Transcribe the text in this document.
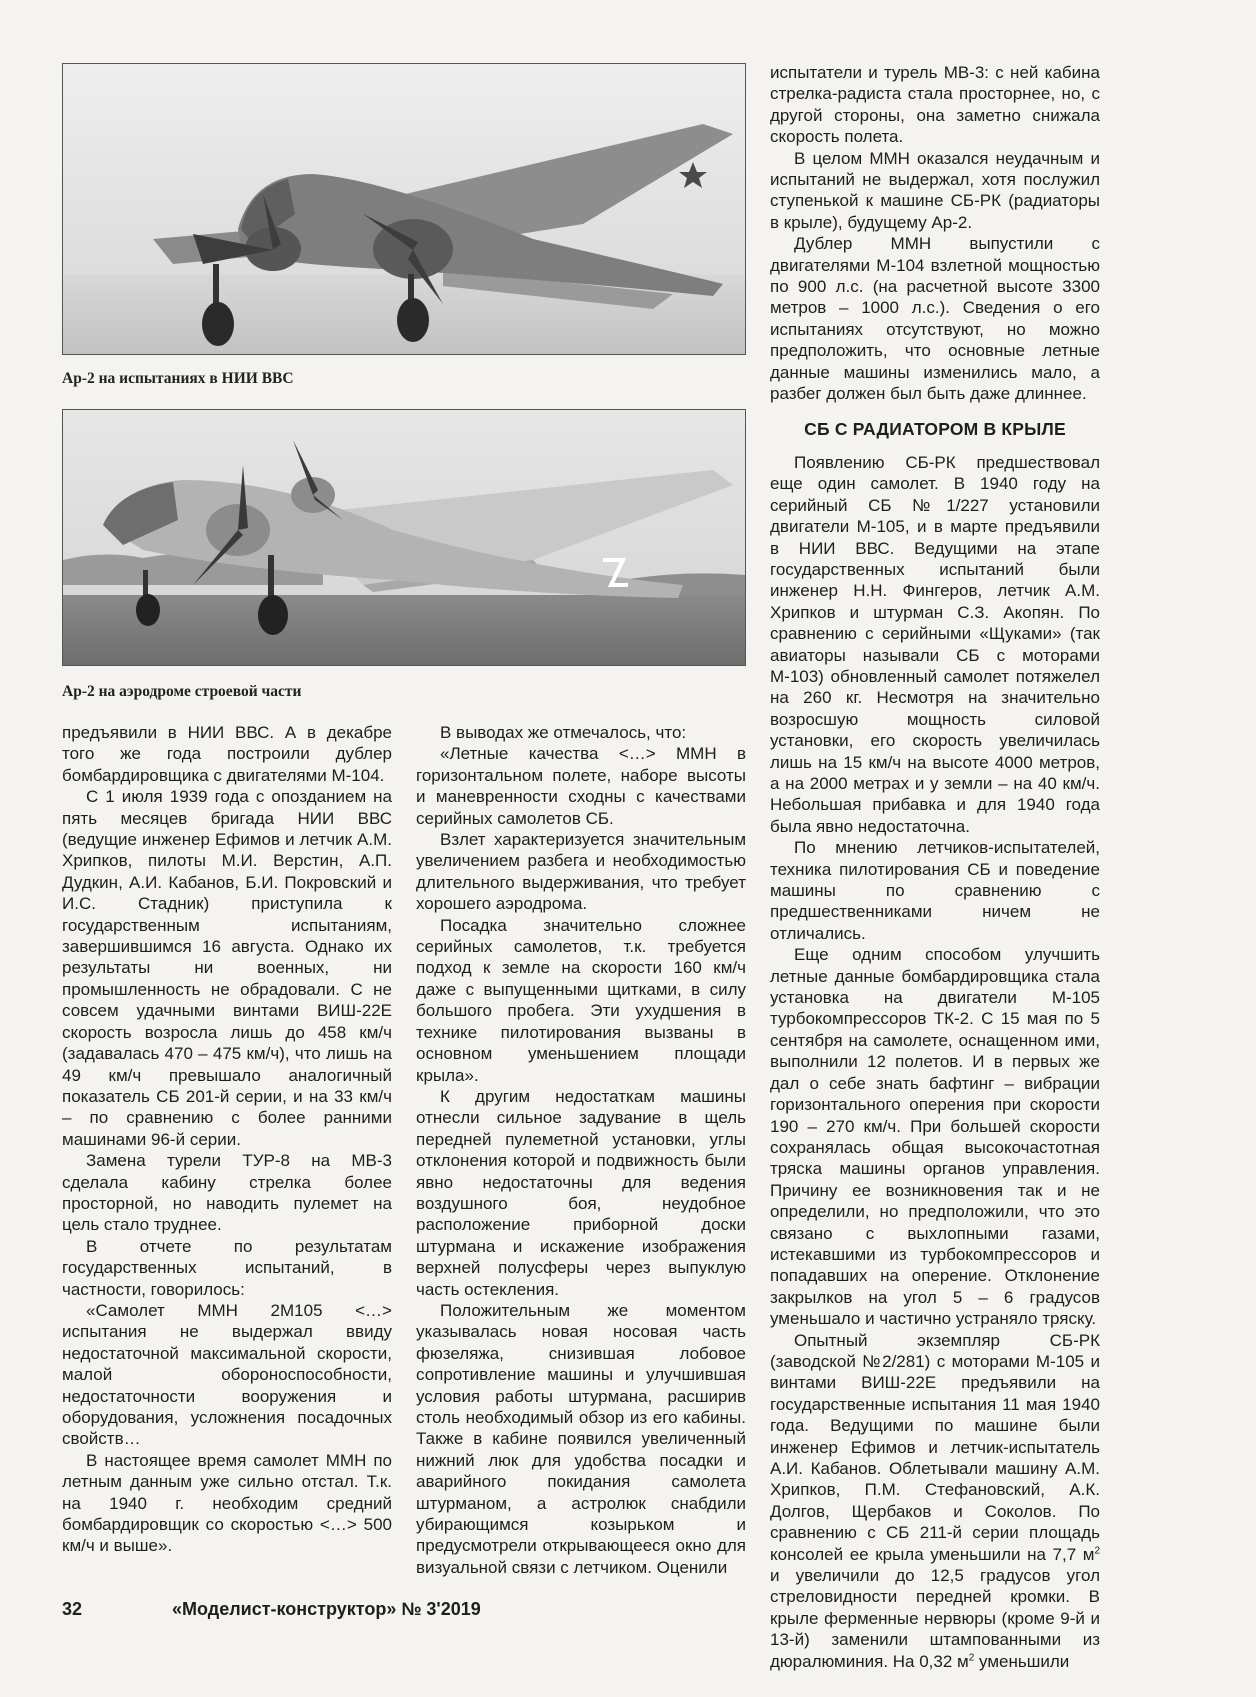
Ар-2 на испытаниях в НИИ ВВС
Ар-2 на аэродроме строевой части

испытатели и турель МВ-3: с ней кабина стрелка-радиста стала просторнее, но, с другой стороны, она заметно снижала скорость полета.

В целом ММН оказался неудачным и испытаний не выдержал, хотя послужил ступенькой к машине СБ-РК (радиаторы в крыле), будущему Ар-2.

Дублер ММН выпустили с двигателями М-104 взлетной мощностью по 900 л.с. (на расчетной высоте 3300 метров – 1000 л.с.). Сведения о его испытаниях отсутствуют, но можно предположить, что основные летные данные машины изменились мало, а разбег должен был быть даже длиннее.

СБ С РАДИАТОРОМ В КРЫЛЕ

Появлению СБ-РК предшествовал еще один самолет. В 1940 году на серийный СБ №1/227 установили двигатели М-105, и в марте предъявили в НИИ ВВС. Ведущими на этапе государственных испытаний были инженер Н.Н. Фингеров, летчик А.М. Хрипков и штурман С.З. Акопян. По сравнению с серийными «Щуками» (так авиаторы называли СБ с моторами М-103) обновленный самолет потяжелел на 260 кг. Несмотря на значительно возросшую мощность силовой установки, его скорость увеличилась лишь на 15 км/ч на высоте 4000 метров, а на 2000 метрах и у земли – на 40 км/ч. Небольшая прибавка и для 1940 года была явно недостаточна.

По мнению летчиков-испытателей, техника пилотирования СБ и поведение машины по сравнению с предшественниками ничем не отличались.

Еще одним способом улучшить летные данные бомбардировщика стала установка на двигатели М-105 турбокомпрессоров ТК-2. С 15 мая по 5 сентября на самолете, оснащенном ими, выполнили 12 полетов. И в первых же дал о себе знать бафтинг – вибрации горизонтального оперения при скорости 190 – 270 км/ч. При большей скорости сохранялась общая высокочастотная тряска машины органов управления. Причину ее возникновения так и не определили, но предположили, что это связано с выхлопными газами, истекавшими из турбокомпрессоров и попадавших на оперение. Отклонение закрылков на угол 5 – 6 градусов уменьшало и частично устраняло тряску.

Опытный экземпляр СБ-РК (заводской №2/281) с моторами М-105 и винтами ВИШ-22Е предъявили на государственные испытания 11 мая 1940 года. Ведущими по машине были инженер Ефимов и летчик-испытатель А.И. Кабанов. Облетывали машину А.М. Хрипков, П.М. Стефановский, А.К. Долгов, Щербаков и Соколов. По сравнению с СБ 211-й серии площадь консолей ее крыла уменьшили на 7,7 $м^2$ и увеличили до 12,5 градусов угол стреловидности передней кромки. В крыле ферменные нервюры (кроме 9-й и 13-й) заменили штампованными из дюралюминия. На 0,32 $м^2$ уменьшили

предъявили в НИИ ВВС. А в декабре того же года построили дублер бомбардировщика с двигателями М-104.

С 1 июля 1939 года с опозданием на пять месяцев бригада НИИ ВВС (ведущие инженер Ефимов и летчик А.М. Хрипков, пилоты М.И. Верстин, А.П. Дудкин, А.И. Кабанов, Б.И. Покровский и И.С. Стадник) приступила к государственным испытаниям, завершившимся 16 августа. Однако их результаты ни военных, ни промышленность не обрадовали. С не совсем удачными винтами ВИШ-22Е скорость возросла лишь до 458 км/ч (задавалась 470 – 475 км/ч), что лишь на 49 км/ч превышало аналогичный показатель СБ 201-й серии, и на 33 км/ч – по сравнению с более ранними машинами 96-й серии.

Замена турели ТУР-8 на МВ-3 сделала кабину стрелка более просторной, но наводить пулемет на цель стало труднее.

В отчете по результатам государственных испытаний, в частности, говорилось:

«Самолет ММН 2М105 <…> испытания не выдержал ввиду недостаточной максимальной скорости, малой обороноспособности, недостаточности вооружения и оборудования, усложнения посадочных свойств…

В настоящее время самолет ММН по летным данным уже сильно отстал. Т.к. на 1940 г. необходим средний бомбардировщик со скоростью <…> 500 км/ч и выше».

В выводах же отмечалось, что:

«Летные качества <…> ММН в горизонтальном полете, наборе высоты и маневренности сходны с качествами серийных самолетов СБ.

Взлет характеризуется значительным увеличением разбега и необходимостью длительного выдерживания, что требует хорошего аэродрома.

Посадка значительно сложнее серийных самолетов, т.к. требуется подход к земле на скорости 160 км/ч даже с выпущенными щитками, в силу большого пробега. Эти ухудшения в технике пилотирования вызваны в основном уменьшением площади крыла».

К другим недостаткам машины отнесли сильное задувание в щель передней пулеметной установки, углы отклонения которой и подвижность были явно недостаточны для ведения воздушного боя, неудобное расположение приборной доски штурмана и искажение изображения верхней полусферы через выпуклую часть остекления.

Положительным же моментом указывалась новая носовая часть фюзеляжа, снизившая лобовое сопротивление машины и улучшившая условия работы штурмана, расширив столь необходимый обзор из его кабины. Также в кабине появился увеличенный нижний люк для удобства посадки и аварийного покидания самолета штурманом, а астролюк снабдили убирающимся козырьком и предусмотрели открывающееся окно для визуальной связи с летчиком. Оценили

32	«Моделист-конструктор» № 3'2019
